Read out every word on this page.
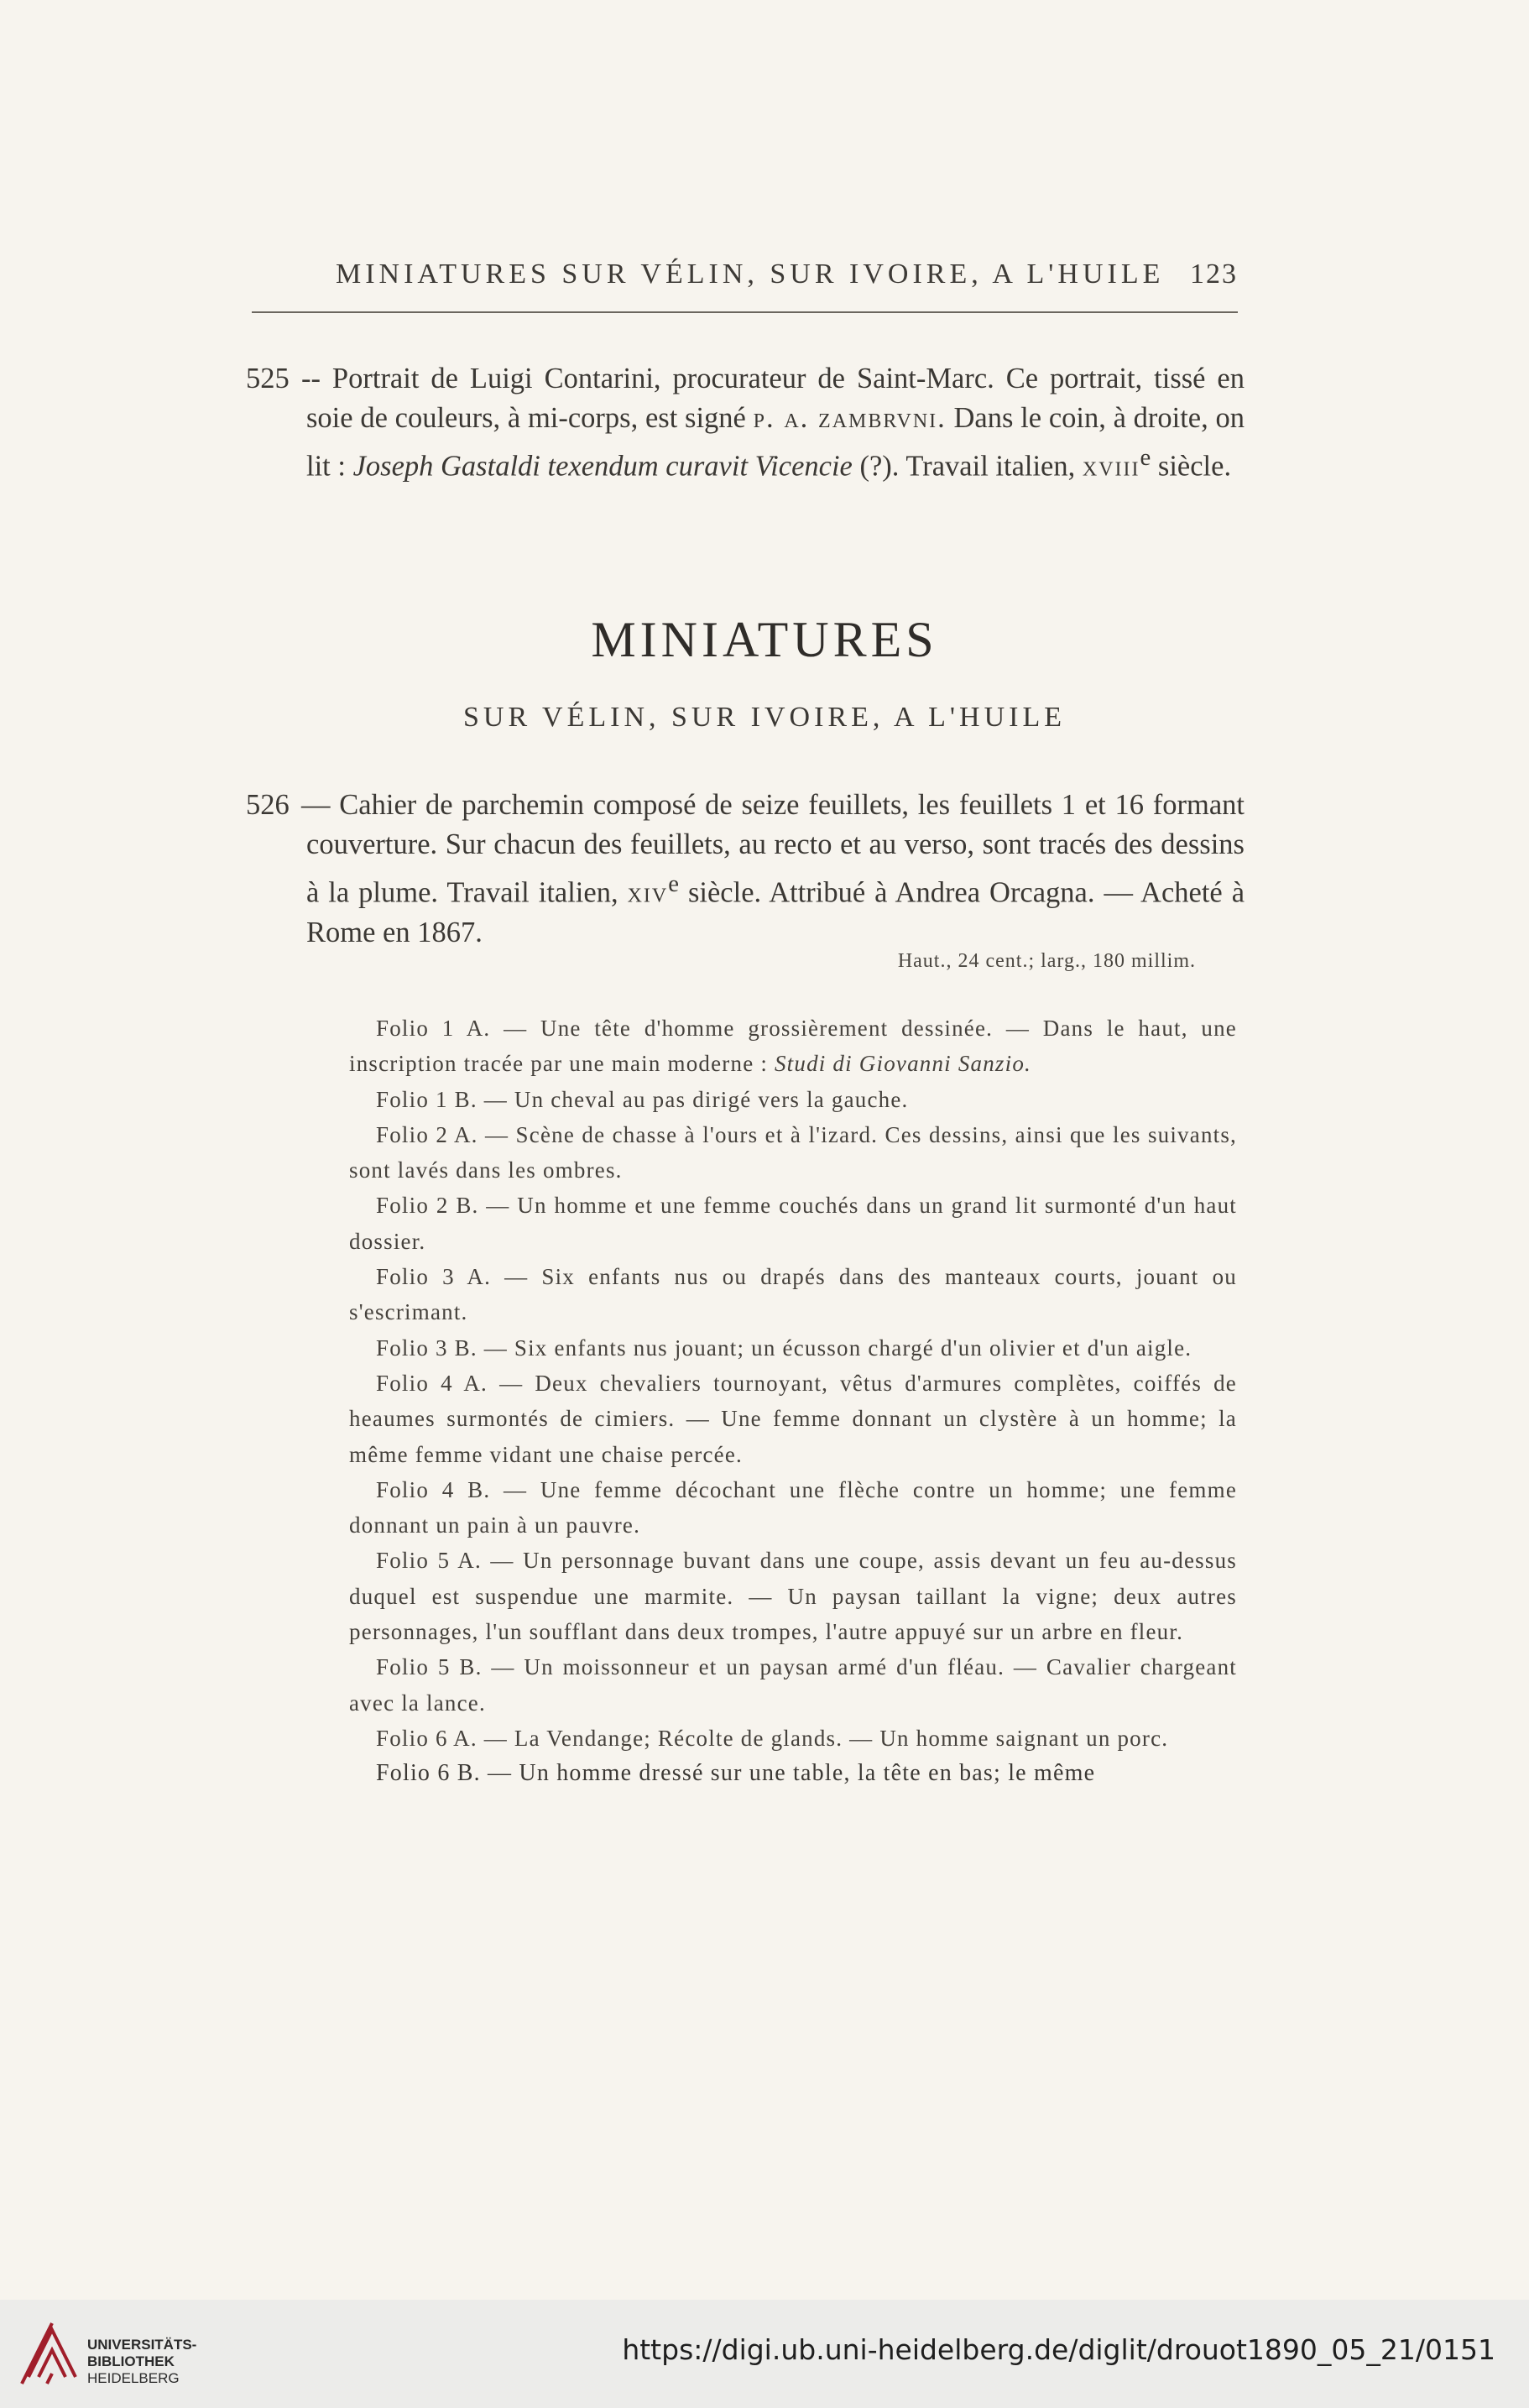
MINIATURES SUR VÉLIN, SUR IVOIRE, A L'HUILE 123

525 -- Portrait de Luigi Contarini, procurateur de Saint-Marc. Ce portrait, tissé en soie de couleurs, à mi-corps, est signé p. a. zambrvni. Dans le coin, à droite, on lit : Joseph Gastaldi texendum curavit Vicencie (?). Travail italien, xviii$^e$ siècle.

MINIATURES
SUR VÉLIN, SUR IVOIRE, A L'HUILE

526 — Cahier de parchemin composé de seize feuillets, les feuillets 1 et 16 formant couverture. Sur chacun des feuillets, au recto et au verso, sont tracés des dessins à la plume. Travail italien, xiv$^e$ siècle. Attribué à Andrea Orcagna. — Acheté à Rome en 1867.

Haut., 24 cent.; larg., 180 millim.

Folio 1 A. — Une tête d'homme grossièrement dessinée. — Dans le haut, une inscription tracée par une main moderne : Studi di Giovanni Sanzio.

Folio 1 B. — Un cheval au pas dirigé vers la gauche.

Folio 2 A. — Scène de chasse à l'ours et à l'izard. Ces dessins, ainsi que les suivants, sont lavés dans les ombres.

Folio 2 B. — Un homme et une femme couchés dans un grand lit surmonté d'un haut dossier.

Folio 3 A. — Six enfants nus ou drapés dans des manteaux courts, jouant ou s'escrimant.

Folio 3 B. — Six enfants nus jouant; un écusson chargé d'un olivier et d'un aigle.

Folio 4 A. — Deux chevaliers tournoyant, vêtus d'armures complètes, coiffés de heaumes surmontés de cimiers. — Une femme donnant un clystère à un homme; la même femme vidant une chaise percée.

Folio 4 B. — Une femme décochant une flèche contre un homme; une femme donnant un pain à un pauvre.

Folio 5 A. — Un personnage buvant dans une coupe, assis devant un feu au-dessus duquel est suspendue une marmite. — Un paysan taillant la vigne; deux autres personnages, l'un soufflant dans deux trompes, l'autre appuyé sur un arbre en fleur.

Folio 5 B. — Un moissonneur et un paysan armé d'un fléau. — Cavalier chargeant avec la lance.

Folio 6 A. — La Vendange; Récolte de glands. — Un homme saignant un porc.

Folio 6 B. — Un homme dressé sur une table, la tête en bas; le même

UNIVERSITÄTS-
BIBLIOTHEK
HEIDELBERG
https://digi.ub.uni-heidelberg.de/diglit/drouot1890_05_21/0151
